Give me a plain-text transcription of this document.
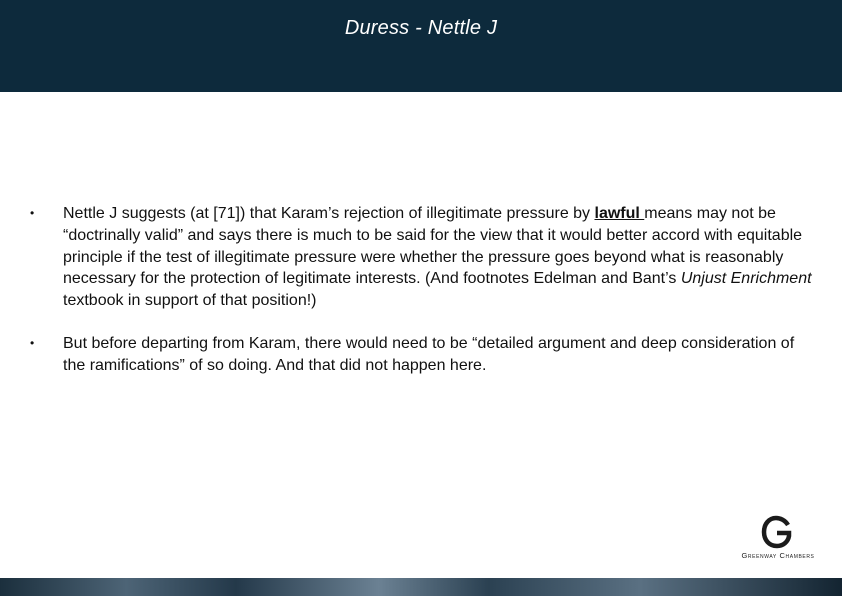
Duress - Nettle J
•	Nettle J suggests (at [71]) that Karam’s rejection of illegitimate pressure by lawful means may not be “doctrinally valid” and says there is much to be said for the view that it would better accord with equitable principle if the test of illegitimate pressure were whether the pressure goes beyond what is reasonably necessary for the protection of legitimate interests. (And footnotes Edelman and Bant’s Unjust Enrichment textbook in support of that position!)
•	But before departing from Karam, there would need to be “detailed argument and deep consideration of the ramifications” of so doing. And that did not happen here.
Greenway Chambers
